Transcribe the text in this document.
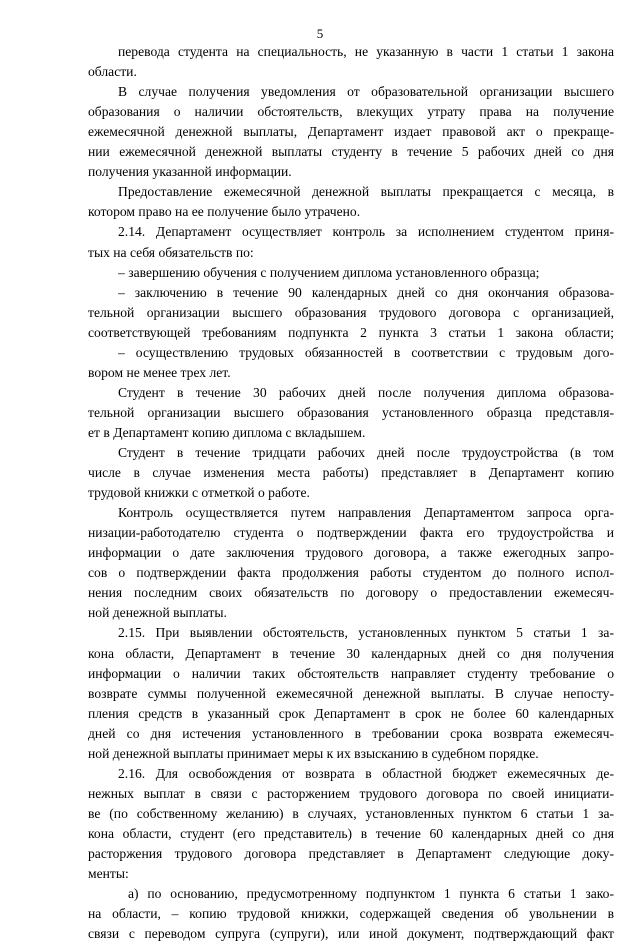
5
перевода студента на специальность, не указанную в части 1 статьи 1 закона
области.
В случае получения уведомления от образовательной организации высшего
образования о наличии обстоятельств, влекущих утрату права на получение
ежемесячной денежной выплаты, Департамент издает правовой акт о прекраще-
нии ежемесячной денежной выплаты студенту в течение 5 рабочих дней со дня
получения указанной информации.
Предоставление ежемесячной денежной выплаты прекращается с месяца, в
котором право на ее получение было утрачено.
2.14. Департамент осуществляет контроль за исполнением студентом приня-
тых на себя обязательств по:
– завершению обучения с получением диплома установленного образца;
– заключению в течение 90 календарных дней со дня окончания образова-
тельной организации высшего образования трудового договора с организацией,
соответствующей требованиям подпункта 2 пункта 3 статьи 1 закона области;
– осуществлению трудовых обязанностей в соответствии с трудовым дого-
вором не менее трех лет.
Студент в течение 30 рабочих дней после получения диплома образова-
тельной организации высшего образования установленного образца представля-
ет в Департамент копию диплома с вкладышем.
Студент в течение тридцати рабочих дней после трудоустройства (в том
числе в случае изменения места работы) представляет в Департамент копию
трудовой книжки с отметкой о работе.
Контроль осуществляется путем направления Департаментом запроса орга-
низации-работодателю студента о подтверждении факта его трудоустройства и
информации о дате заключения трудового договора, а также ежегодных запро-
сов о подтверждении факта продолжения работы студентом до полного испол-
нения последним своих обязательств по договору о предоставлении ежемесяч-
ной денежной выплаты.
2.15. При выявлении обстоятельств, установленных пунктом 5 статьи 1 за-
кона области, Департамент в течение 30 календарных дней со дня получения
информации о наличии таких обстоятельств направляет студенту требование о
возврате суммы полученной ежемесячной денежной выплаты. В случае непосту-
пления средств в указанный срок Департамент в срок не более 60 календарных
дней со дня истечения установленного в требовании срока возврата ежемесяч-
ной денежной выплаты принимает меры к их взысканию в судебном порядке.
2.16. Для освобождения от возврата в областной бюджет ежемесячных де-
нежных выплат в связи с расторжением трудового договора по своей инициати-
ве (по собственному желанию) в случаях, установленных пунктом 6 статьи 1 за-
кона области, студент (его представитель) в течение 60 календарных дней со дня
расторжения трудового договора представляет в Департамент следующие доку-
менты:
а) по основанию, предусмотренному подпунктом 1 пункта 6 статьи 1 зако-
на области, – копию трудовой книжки, содержащей сведения об увольнении в
связи с переводом супруга (супруги), или иной документ, подтверждающий факт
